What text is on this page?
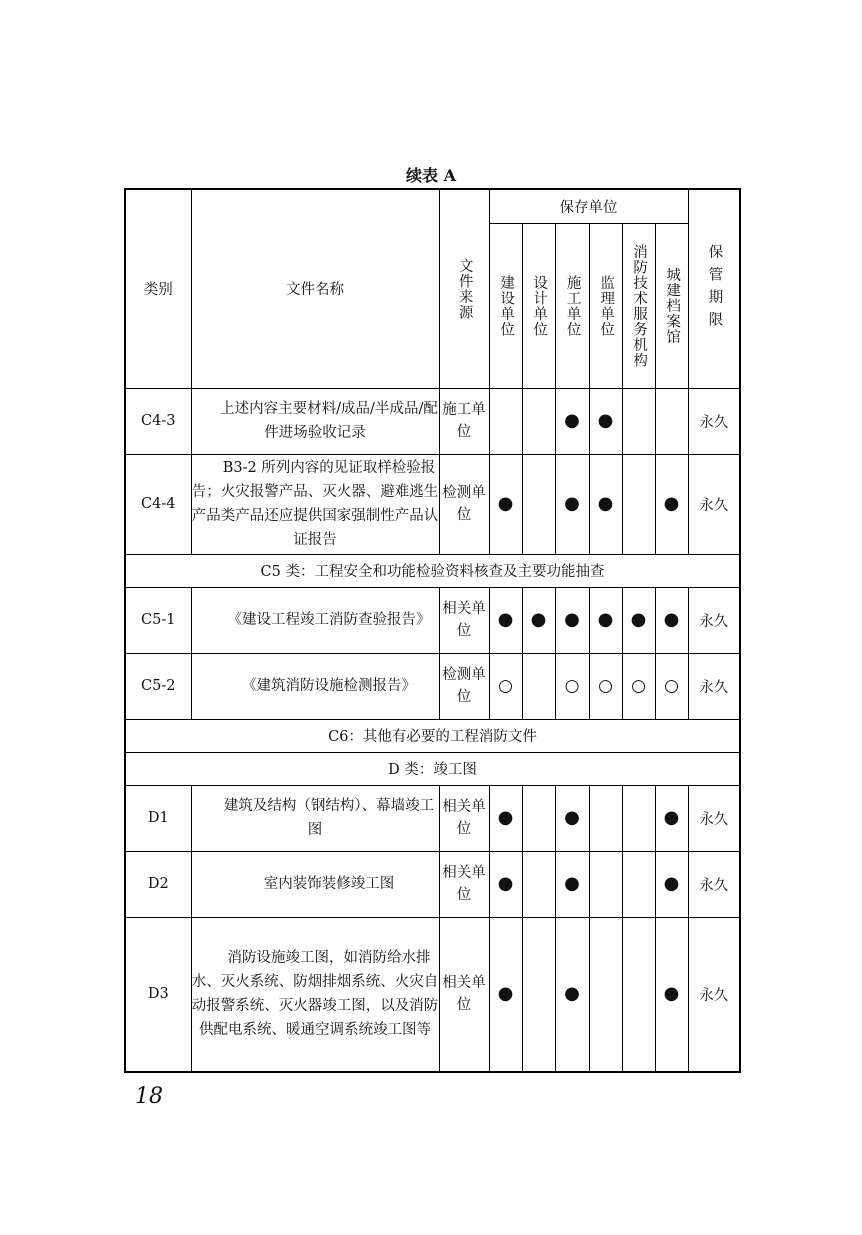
续表 A
类别	文件名称	文件来源	保存单位						保管期限

			建设单位	设计单位	施工单位	监理单位	消防技术服务机构	城建档案馆	

C4-3	上述内容主要材料/成品/半成品/配件进场验收记录	施工单位			●	●			永久
C4-4	B3-2 所列内容的见证取样检验报告；火灾报警产品、灭火器、避难逃生产品类产品还应提供国家强制性产品认证报告	检测单位	●		●	●		●	永久
C5 类：工程安全和功能检验资料核查及主要功能抽查									
C5-1	《建设工程竣工消防查验报告》	相关单位	●	●	●	●	●	●	永久
C5-2	《建筑消防设施检测报告》	检测单位	○		○	○	○	○	永久
C6：其他有必要的工程消防文件									
D 类：竣工图									
D1	建筑及结构（钢结构）、幕墙竣工图	相关单位	●		●			●	永久
D2	室内装饰装修竣工图	相关单位	●		●			●	永久
D3	消防设施竣工图，如消防给水排水、灭火系统、防烟排烟系统、火灾自动报警系统、灭火器竣工图，以及消防供配电系统、暖通空调系统竣工图等	相关单位	●		●			●	永久
18
